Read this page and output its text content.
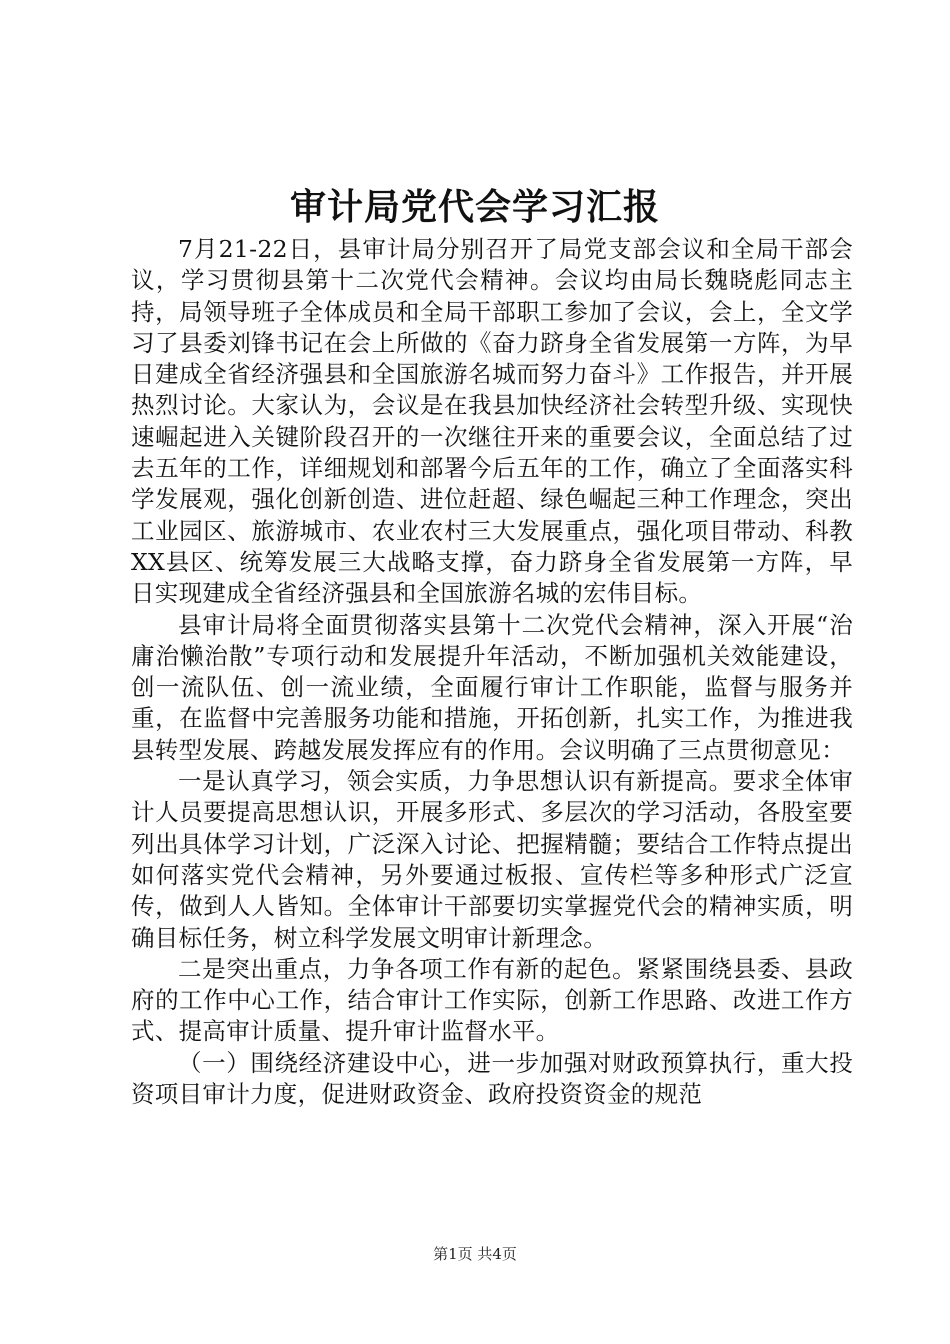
审计局党代会学习汇报

7月21-22日，县审计局分别召开了局党支部会议和全局干部会议，学习贯彻县第十二次党代会精神。会议均由局长魏晓彪同志主持，局领导班子全体成员和全局干部职工参加了会议，会上，全文学习了县委刘锋书记在会上所做的《奋力跻身全省发展第一方阵，为早日建成全省经济强县和全国旅游名城而努力奋斗》工作报告，并开展热烈讨论。大家认为，会议是在我县加快经济社会转型升级、实现快速崛起进入关键阶段召开的一次继往开来的重要会议，全面总结了过去五年的工作，详细规划和部署今后五年的工作，确立了全面落实科学发展观，强化创新创造、进位赶超、绿色崛起三种工作理念，突出工业园区、旅游城市、农业农村三大发展重点，强化项目带动、科教XX县区、统筹发展三大战略支撑，奋力跻身全省发展第一方阵，早日实现建成全省经济强县和全国旅游名城的宏伟目标。

县审计局将全面贯彻落实县第十二次党代会精神，深入开展“治庸治懒治散”专项行动和发展提升年活动，不断加强机关效能建设，创一流队伍、创一流业绩，全面履行审计工作职能，监督与服务并重，在监督中完善服务功能和措施，开拓创新，扎实工作，为推进我县转型发展、跨越发展发挥应有的作用。会议明确了三点贯彻意见：

一是认真学习，领会实质，力争思想认识有新提高。要求全体审计人员要提高思想认识，开展多形式、多层次的学习活动，各股室要列出具体学习计划，广泛深入讨论、把握精髓；要结合工作特点提出如何落实党代会精神，另外要通过板报、宣传栏等多种形式广泛宣传，做到人人皆知。全体审计干部要切实掌握党代会的精神实质，明确目标任务，树立科学发展文明审计新理念。

二是突出重点，力争各项工作有新的起色。紧紧围绕县委、县政府的工作中心工作，结合审计工作实际，创新工作思路、改进工作方式、提高审计质量、提升审计监督水平。

（一）围绕经济建设中心，进一步加强对财政预算执行，重大投资项目审计力度，促进财政资金、政府投资资金的规范

第1页 共4页
